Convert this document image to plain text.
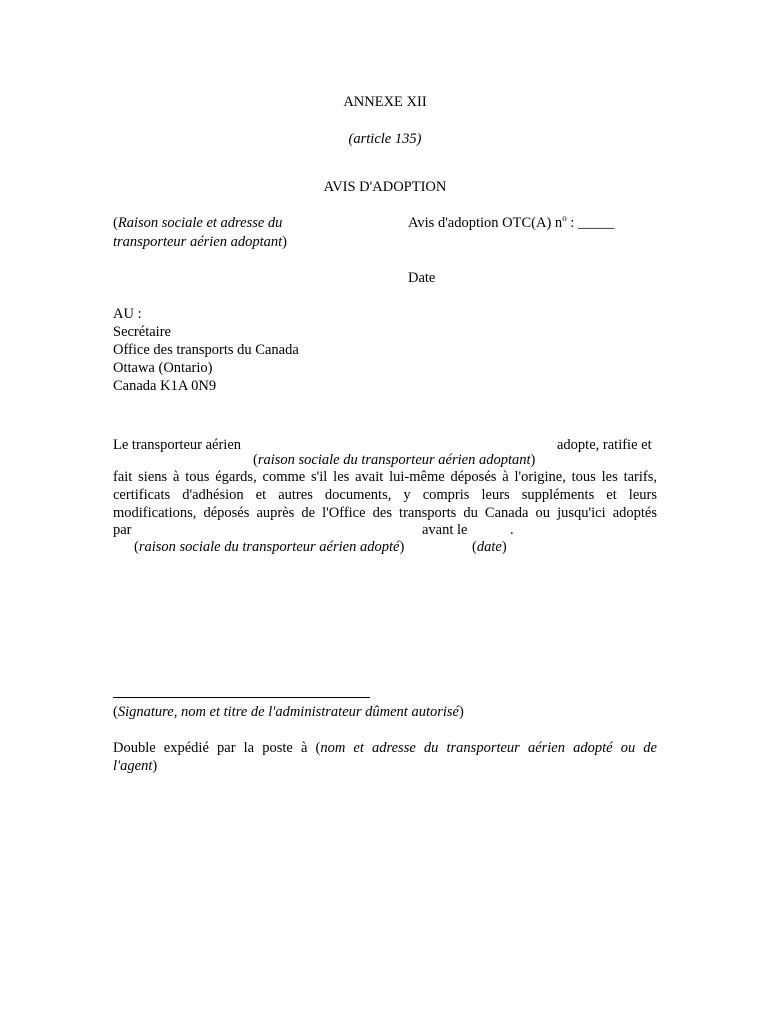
ANNEXE XII
(article 135)
AVIS D'ADOPTION
(Raison sociale et adresse du
transporteur aérien adoptant)
Avis d'adoption OTC(A) $n^o$ : _____
Date
AU :
Secrétaire
Office des transports du Canada
Ottawa (Ontario)
Canada K1A 0N9
Le transporteur aérien	adopte, ratifie et
(raison sociale du transporteur aérien adoptant)
fait siens à tous égards, comme s'il les avait lui-même déposés à l'origine, tous les tarifs,
certificats d'adhésion et autres documents, y compris leurs suppléments et leurs
modifications, déposés auprès de l'Office des transports du Canada ou jusqu'ici adoptés
par	avant le	.
(raison sociale du transporteur aérien adopté)	(date)
(Signature, nom et titre de l'administrateur dûment autorisé)
Double expédié par la poste à (nom et adresse du transporteur aérien adopté ou de
l'agent)
